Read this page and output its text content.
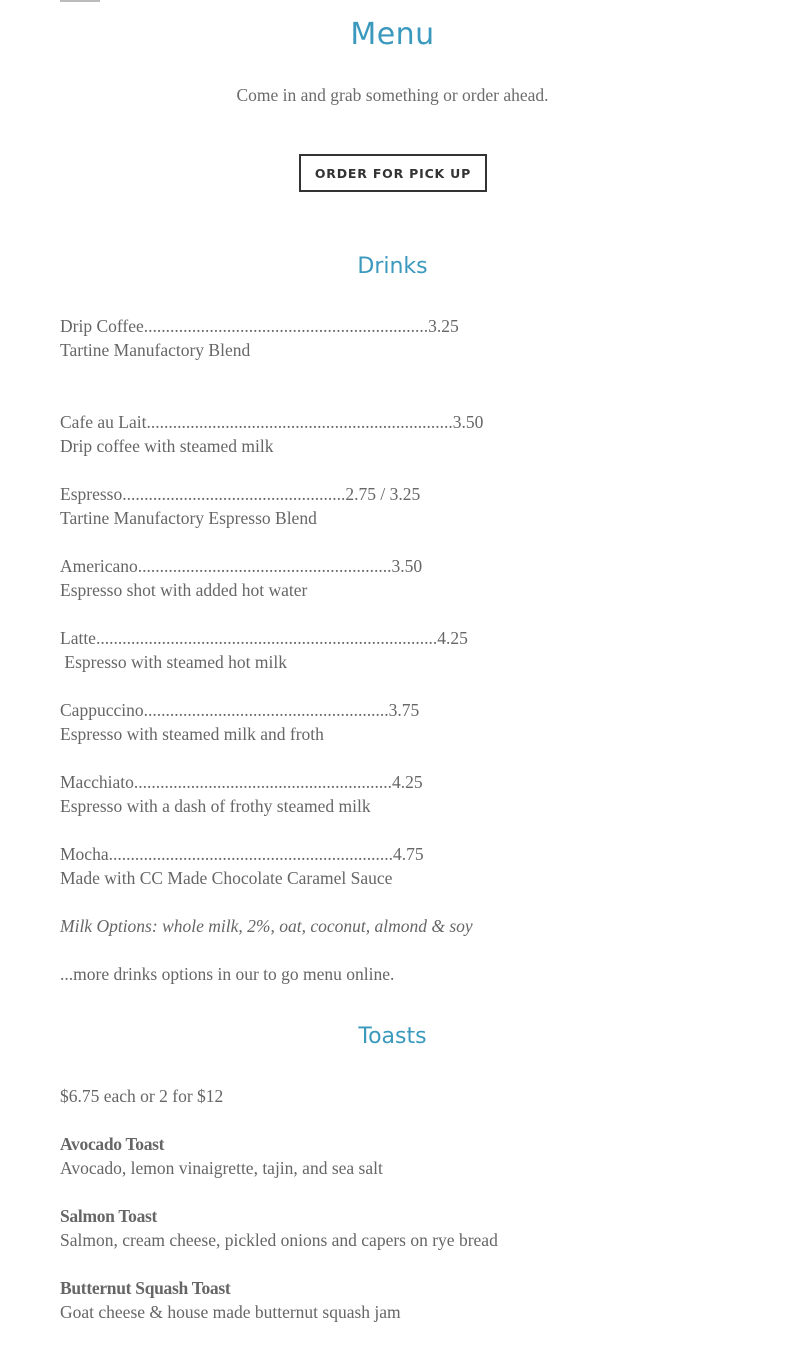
Menu

Come in and grab something or order ahead.

ORDER FOR PICK UP
Drinks

Drip Coffee.................................................................3.25

Tartine Manufactory Blend

Cafe au Lait......................................................................3.50

Drip coffee with steamed milk

Espresso...................................................2.75 / 3.25

Tartine Manufactory Espresso Blend

Americano..........................................................3.50

Espresso shot with added hot water

Latte..............................................................................4.25

Espresso with steamed hot milk

Cappuccino........................................................3.75

Espresso with steamed milk and froth

Macchiato...........................................................4.25

Espresso with a dash of frothy steamed milk

Mocha.................................................................4.75

Made with CC Made Chocolate Caramel Sauce

Milk Options: whole milk, 2%, oat, coconut, almond & soy

...more drinks options in our to go menu online.

Toasts

$6.75 each or 2 for $12

Avocado Toast

Avocado, lemon vinaigrette, tajin, and sea salt

Salmon Toast

Salmon, cream cheese, pickled onions and capers on rye bread

Butternut Squash Toast

Goat cheese & house made butternut squash jam
